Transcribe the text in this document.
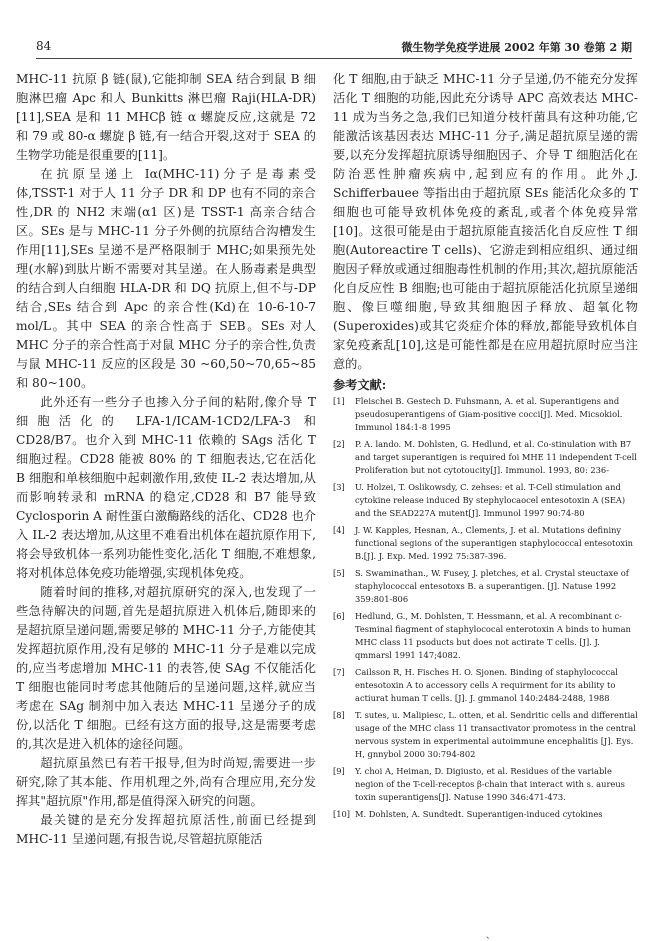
84	微生物学免疫学进展 2002 年第 30 卷第 2 期

MHC-11 抗原 β 链(鼠),它能抑制 SEA 结合到鼠 B 细胞淋巴瘤 Apc 和人 Bunkitts 淋巴瘤 Raji(HLA-DR)[11],SEA 是和 11 MHCβ 链 α 螺旋反应,这就是 72 和 79 或 80-α 螺旋 β 链,有一结合开裂,这对于 SEA 的生物学功能是很重要的[11]。

在抗原呈递上 Iα(MHC-11)分子是毒素受体,TSST-1 对于人 11 分子 DR 和 DP 也有不同的亲合性,DR 的 NH2 末端(α1 区)是 TSST-1 高亲合结合区。SEs 是与 MHC-11 分子外侧的抗原结合沟槽发生作用[11],SEs 呈递不是严格限制于 MHC;如果预先处理(水解)到肽片断不需要对其呈递。在人肠毒素是典型的结合到人白细胞 HLA-DR 和 DQ 抗原上,但不与-DP 结合,SEs 结合到 Apc 的亲合性(Kd)在 10-6-10-7 mol/L。其中 SEA 的亲合性高于 SEB。SEs 对人 MHC 分子的亲合性高于对鼠 MHC 分子的亲合性,负责与鼠 MHC-11 反应的区段是 30 ~60,50~70,65~85 和 80~100。

此外还有一些分子也掺入分子间的粘附,像介导 T 细胞活化的 LFA-1/ICAM-1CD2/LFA-3 和 CD28/B7。也介入到 MHC-11 依赖的 SAgs 活化 T 细胞过程。CD28 能被 80% 的 T 细胞表达,它在活化 B 细胞和单核细胞中起刺激作用,致使 IL-2 表达增加,从而影响转录和 mRNA 的稳定,CD28 和 B7 能导致 Cyclosporin A 耐性蛋白激酶路线的活化、CD28 也介入 IL-2 表达增加,从这里不难看出机体在超抗原作用下,将会导致机体一系列功能性变化,活化 T 细胞,不难想象,将对机体总体免疫功能增强,实现机体免疫。

随着时间的推移,对超抗原研究的深入,也发现了一些急待解决的问题,首先是超抗原进入机体后,随即来的是超抗原呈递问题,需要足够的 MHC-11 分子,方能使其发挥超抗原作用,没有足够的 MHC-11 分子是难以完成的,应当考虑增加 MHC-11 的表答,使 SAg 不仅能活化 T 细胞也能同时考虑其他随后的呈递问题,这样,就应当考虑在 SAg 制剂中加入表达 MHC-11 呈递分子的成份,以活化 T 细胞。已经有这方面的报导,这是需要考虑的,其次是进入机体的途径问题。

超抗原虽然已有若干报导,但为时尚短,需要进一步研究,除了其本能、作用机理之外,尚有合理应用,充分发挥其"超抗原"作用,都是值得深入研究的问题。

最关键的是充分发挥超抗原活性,前面已经提到 MHC-11 呈递问题,有报告说,尽管超抗原能活

化 T 细胞,由于缺乏 MHC-11 分子呈递,仍不能充分发挥活化 T 细胞的功能,因此充分诱导 APC 高效表达 MHC-11 成为当务之急,我们已知道分枝杆菌具有这种功能,它能激活该基因表达 MHC-11 分子,满足超抗原呈递的需要,以充分发挥超抗原诱导细胞因子、介导 T 细胞活化在防治恶性肿瘤疾病中,起到应有的作用。此外,J. Schifferbauee 等指出由于超抗原 SEs 能活化众多的 T 细胞也可能导致机体免疫的紊乱,或者个体免疫异常[10]。这很可能是由于超抗原能直接活化自反应性 T 细胞(Autoreactire T cells)、它游走到相应组织、通过细胞因子释放或通过细胞毒性机制的作用;其次,超抗原能活化自反应性 B 细胞;也可能由于超抗原能活化抗原呈递细胞、像巨噬细胞,导致其细胞因子释放、超氧化物(Superoxides)或其它炎症介体的释放,都能导致机体自家免疫紊乱[10],这是可能性都是在应用超抗原时应当注意的。

参考文献:
[1]	Fleischei B. Gestech D. Fuhsmann, A. et al. Superantigens and pseudosuperantigens of Giam-positive cocci[J]. Med. Micsokiol. Immunol 184:1-8 1995
[2]	P. A. lando. M. Dohlsten, G. Hedlund, et al. Co-stinulation with B7 and target superantigen is required foi MHE 11 independent T-cell Proliferation but not cytotoucity[J]. Immunol. 1993, 80: 236-
[3]	U. Holzei, T. Oslikowsdy, C. zehses: et al. T-Cell stimulation and cytokine release induced By stephylocaocel entesotoxin A (SEA) and the SEAD227A mutent[J]. Immunol 1997 90:74-80
[4]	J. W. Kapples, Hesnan, A., Clements, J. et al. Mutations defininy functional segions of the superantigen staphylococcal entesotoxin B.[J]. J. Exp. Med. 1992 75:387-396.
[5]	S. Swaminathan., W. Fusey, J. pletches, et al. Crystal steuctaxe of staphylococcal entesotoxs B. a superantigen. [J]. Natuse 1992 359:801-806
[6]	Hedlund, G., M. Dohlsten, T. Hessmann, et al. A recombinant c-Tesminal fiagment of staphylococal enterotoxin A binds to human MHC class 11 psoducts but does not actirate T cells. [J]. J. qmmarsl 1991 147;4082.
[7]	Cailsson R, H. Fisches H. O. Sjonen. Binding of staphylococcal entesotoxin A to accessory cells A requirment for its ability to actiurat human T cells. [J]. J. gmmanol 140:2484-2488, 1988
[8]	T. sutes, u. Malipiesc, L. otten, et al. Sendritic cells and differential usage of the MHC class 11 transactivator promotess in the central nervous system in experimental autoimmune encephalitis [J]. Eys. H, gnnybol 2000 30:794-802
[9]	Y. choi A, Heiman, D. Digiusto, et al. Residues of the variable negion of the T-cell-receptos β-chain that interact with s. aureus toxin superantigens[J]. Natuse 1990 346:471-473.
[10] M. Dohlsten, A. Sundtedt. Superantigen-induced cytokines
、
